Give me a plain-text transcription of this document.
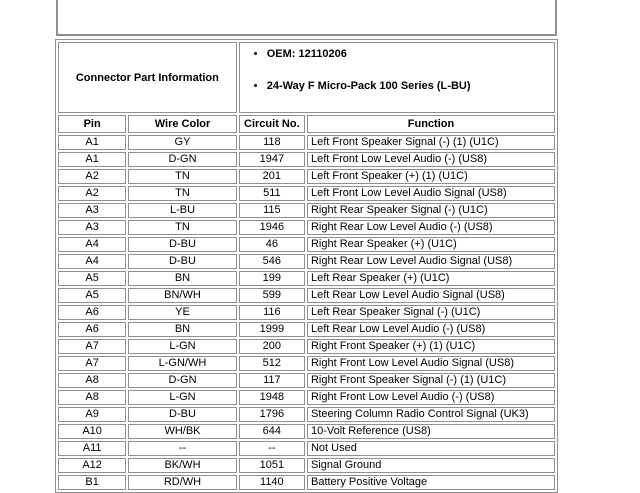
Connector Part Information	
• OEM: 12110206
• 24-Way F Micro-Pack 100 Series (L-BU)

Pin	Wire Color	Circuit No.	Function
A1	GY	118	Left Front Speaker Signal (-) (1) (U1C)
A1	D-GN	1947	Left Front Low Level Audio (-) (US8)
A2	TN	201	Left Front Speaker (+) (1) (U1C)
A2	TN	511	Left Front Low Level Audio Signal (US8)
A3	L-BU	115	Right Rear Speaker Signal (-) (U1C)
A3	TN	1946	Right Rear Low Level Audio (-) (US8)
A4	D-BU	46	Right Rear Speaker (+) (U1C)
A4	D-BU	546	Right Rear Low Level Audio Signal (US8)
A5	BN	199	Left Rear Speaker (+) (U1C)
A5	BN/WH	599	Left Rear Low Level Audio Signal (US8)
A6	YE	116	Left Rear Speaker Signal (-) (U1C)
A6	BN	1999	Left Rear Low Level Audio (-) (US8)
A7	L-GN	200	Right Front Speaker (+) (1) (U1C)
A7	L-GN/WH	512	Right Front Low Level Audio Signal (US8)
A8	D-GN	117	Right Front Speaker Signal (-) (1) (U1C)
A8	L-GN	1948	Right Front Low Level Audio (-) (US8)
A9	D-BU	1796	Steering Column Radio Control Signal (UK3)
A10	WH/BK	644	10-Volt Reference (US8)
A11	--	--	Not Used
A12	BK/WH	1051	Signal Ground
B1	RD/WH	1140	Battery Positive Voltage
